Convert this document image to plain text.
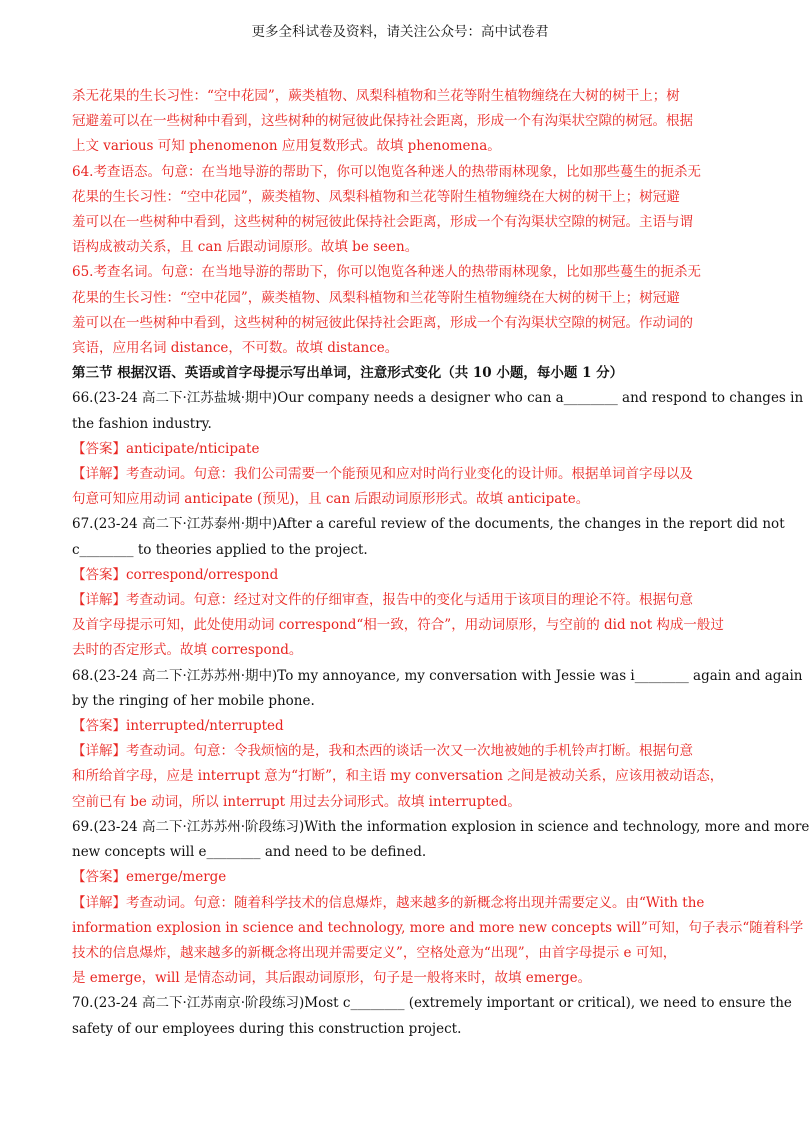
更多全科试卷及资料，请关注公众号：高中试卷君

杀无花果的生长习性：“空中花园”，蕨类植物、凤梨科植物和兰花等附生植物缠绕在大树的树干上；树

冠避羞可以在一些树种中看到，这些树种的树冠彼此保持社会距离，形成一个有沟渠状空隙的树冠。根据

上文 various 可知 phenomenon 应用复数形式。故填 phenomena。

64.考查语态。句意：在当地导游的帮助下，你可以饱览各种迷人的热带雨林现象，比如那些蔓生的扼杀无

花果的生长习性：“空中花园”，蕨类植物、凤梨科植物和兰花等附生植物缠绕在大树的树干上；树冠避

羞可以在一些树种中看到，这些树种的树冠彼此保持社会距离，形成一个有沟渠状空隙的树冠。主语与谓

语构成被动关系，且 can 后跟动词原形。故填 be seen。

65.考查名词。句意：在当地导游的帮助下，你可以饱览各种迷人的热带雨林现象，比如那些蔓生的扼杀无

花果的生长习性：“空中花园”，蕨类植物、凤梨科植物和兰花等附生植物缠绕在大树的树干上；树冠避

羞可以在一些树种中看到，这些树种的树冠彼此保持社会距离，形成一个有沟渠状空隙的树冠。作动词的

宾语，应用名词 distance，不可数。故填 distance。

第三节 根据汉语、英语或首字母提示写出单词，注意形式变化（共 10 小题，每小题 1 分）

66.(23-24 高二下·江苏盐城·期中)Our company needs a designer who can a________ and respond to changes in

the fashion industry.

【答案】anticipate/nticipate

【详解】考查动词。句意：我们公司需要一个能预见和应对时尚行业变化的设计师。根据单词首字母以及

句意可知应用动词 anticipate (预见)，且 can 后跟动词原形形式。故填 anticipate。

67.(23-24 高二下·江苏泰州·期中)After a careful review of the documents, the changes in the report did not

c________ to theories applied to the project.

【答案】correspond/orrespond

【详解】考查动词。句意：经过对文件的仔细审查，报告中的变化与适用于该项目的理论不符。根据句意

及首字母提示可知，此处使用动词 correspond“相一致，符合”，用动词原形，与空前的 did not 构成一般过

去时的否定形式。故填 correspond。

68.(23-24 高二下·江苏苏州·期中)To my annoyance, my conversation with Jessie was i________ again and again

by the ringing of her mobile phone.

【答案】interrupted/nterrupted

【详解】考查动词。句意：令我烦恼的是，我和杰西的谈话一次又一次地被她的手机铃声打断。根据句意

和所给首字母，应是 interrupt 意为“打断”，和主语 my conversation 之间是被动关系，应该用被动语态，

空前已有 be 动词，所以 interrupt 用过去分词形式。故填 interrupted。

69.(23-24 高二下·江苏苏州·阶段练习)With the information explosion in science and technology, more and more

new concepts will e________ and need to be defined.

【答案】emerge/merge

【详解】考查动词。句意：随着科学技术的信息爆炸，越来越多的新概念将出现并需要定义。由“With the

information explosion in science and technology, more and more new concepts will”可知，句子表示“随着科学

技术的信息爆炸，越来越多的新概念将出现并需要定义”，空格处意为“出现”，由首字母提示 e 可知，

是 emerge，will 是情态动词，其后跟动词原形，句子是一般将来时，故填 emerge。

70.(23-24 高二下·江苏南京·阶段练习)Most c________ (extremely important or critical), we need to ensure the

safety of our employees during this construction project.
